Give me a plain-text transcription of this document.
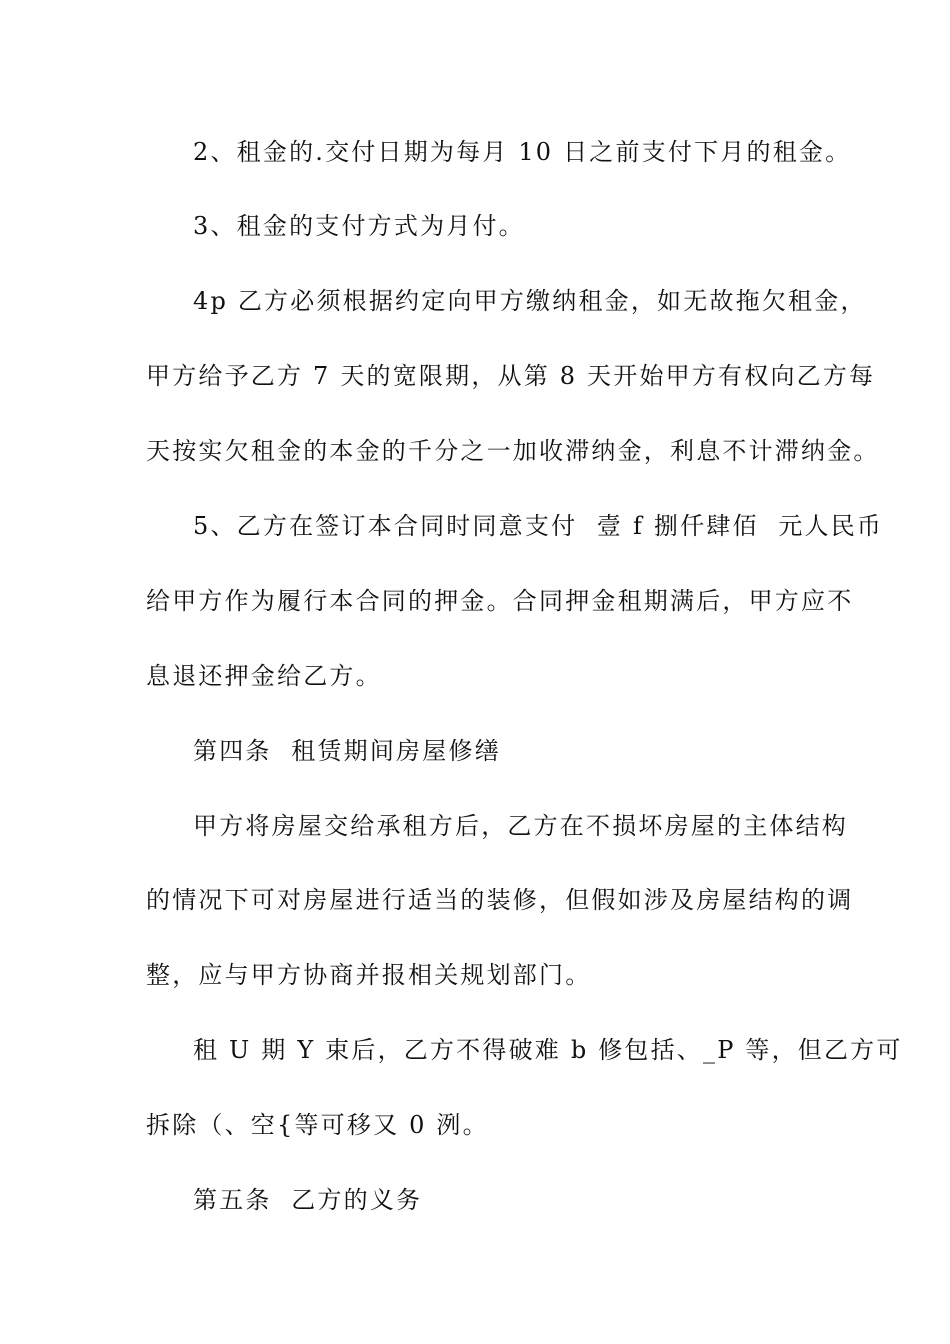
2、租金的.交付日期为每月 10 日之前支付下月的租金。

3、租金的支付方式为月付。

4p 乙方必须根据约定向甲方缴纳租金，如无故拖欠租金，

甲方给予乙方 7 天的宽限期，从第 8 天开始甲方有权向乙方每

天按实欠租金的本金的千分之一加收滞纳金，利息不计滞纳金。

5、乙方在签订本合同时同意支付  壹 f 捌仟肆佰  元人民币

给甲方作为履行本合同的押金。合同押金租期满后，甲方应不

息退还押金给乙方。

第四条  租赁期间房屋修缮

甲方将房屋交给承租方后，乙方在不损坏房屋的主体结构

的情况下可对房屋进行适当的装修，但假如涉及房屋结构的调

整，应与甲方协商并报相关规划部门。

租 U 期 Y 束后，乙方不得破难 b 修包括、_P 等，但乙方可

拆除（、空{等可移又 0 洌。

第五条  乙方的义务
